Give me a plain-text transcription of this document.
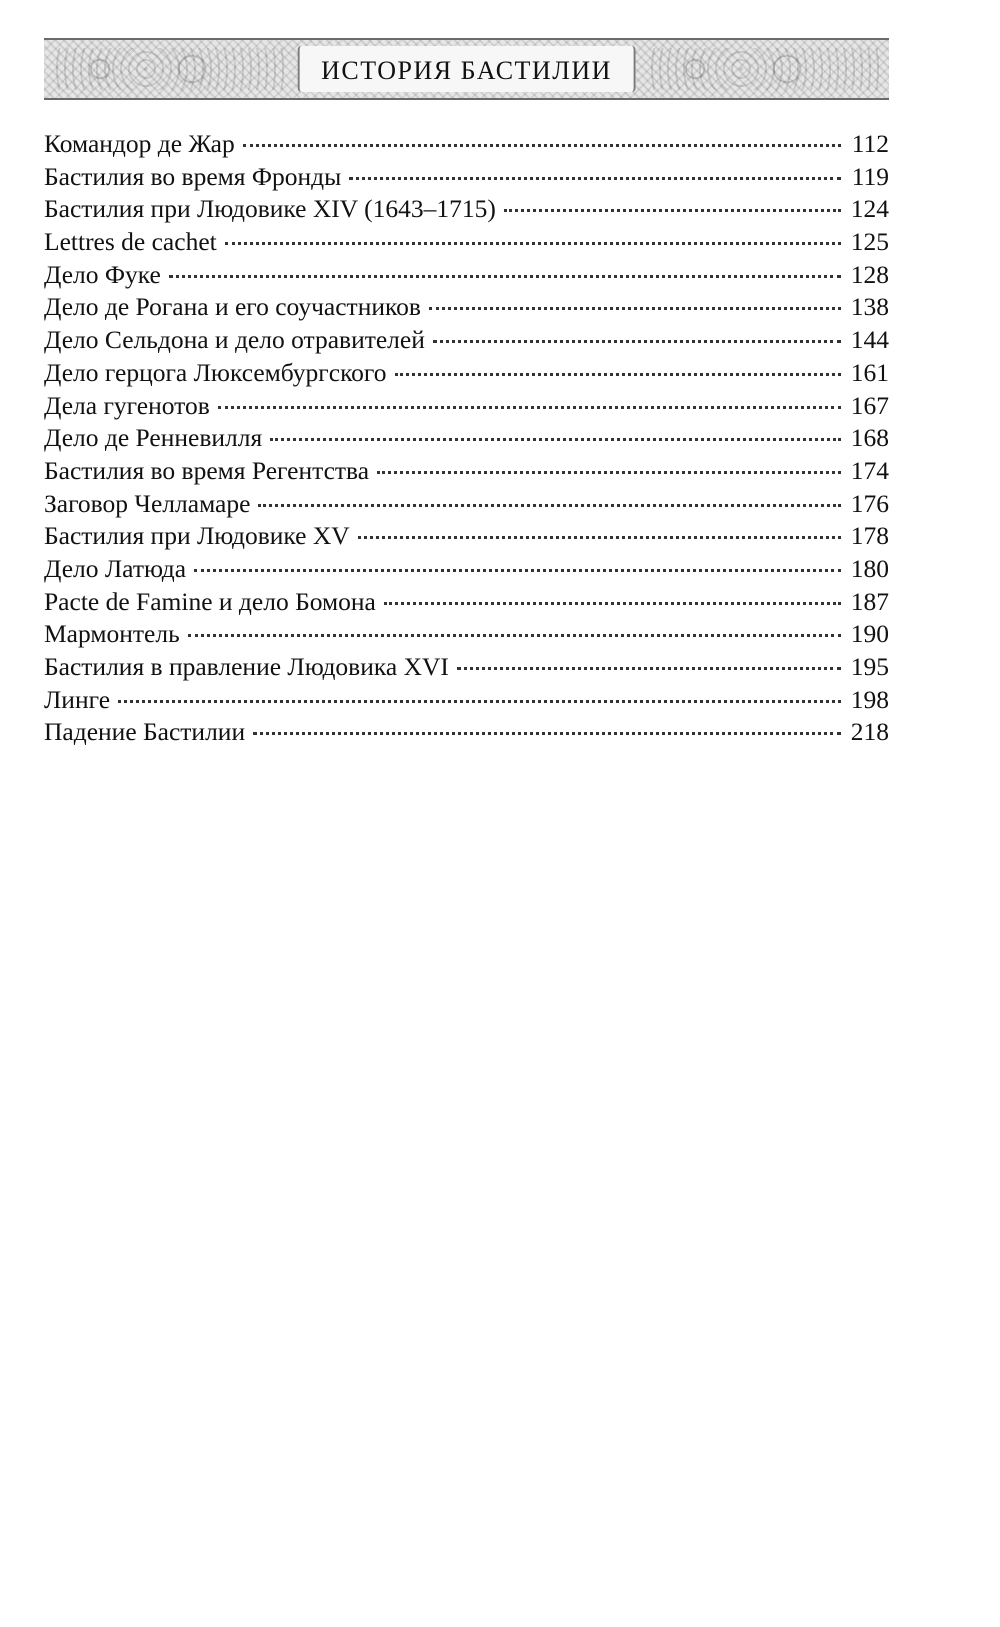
ИСТОРИЯ БАСТИЛИИ
Командор де Жар	112
Бастилия во время Фронды	119
Бастилия при Людовике XIV (1643–1715)	124
Lettres de cachet	125
Дело Фуке	128
Дело де Рогана и его соучастников	138
Дело Сельдона и дело отравителей	144
Дело герцога Люксембургского	161
Дела гугенотов	167
Дело де Ренневилля	168
Бастилия во время Регентства	174
Заговор Челламаре	176
Бастилия при Людовике XV	178
Дело Латюда	180
Pacte de Famine и дело Бомона	187
Мармонтель	190
Бастилия в правление Людовика XVI	195
Линге	198
Падение Бастилии	218
